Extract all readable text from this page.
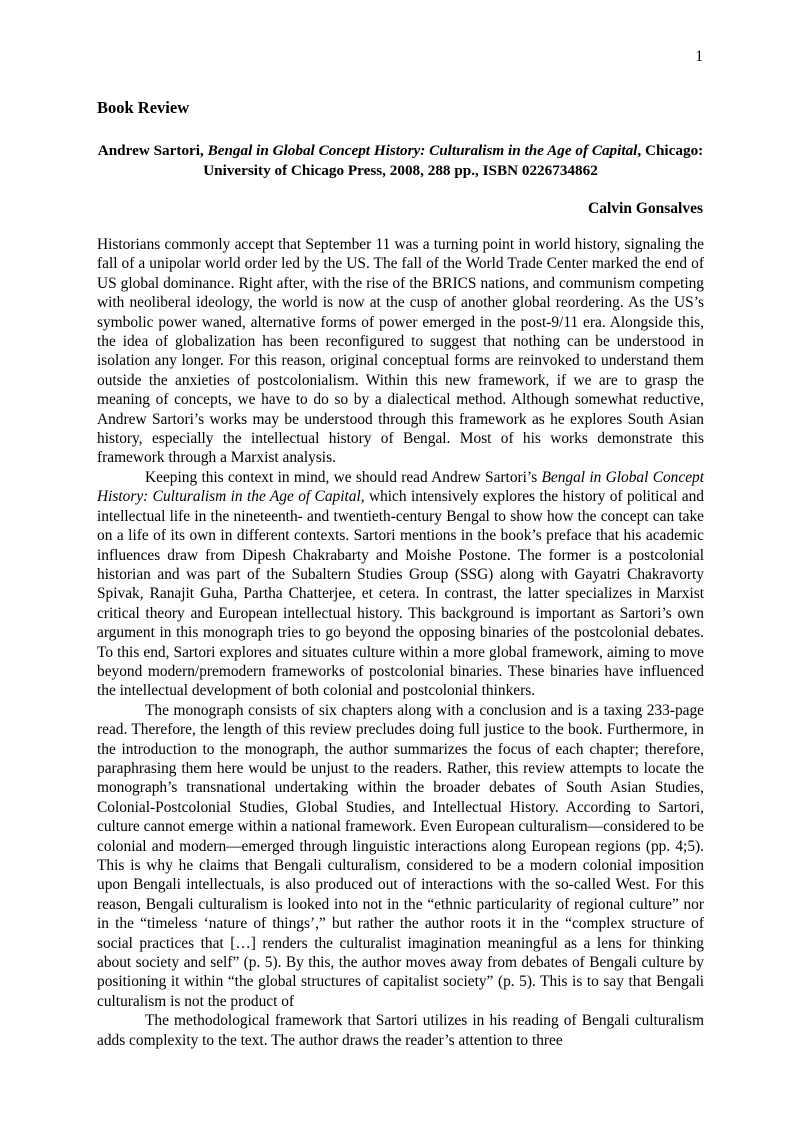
1
Book Review
Andrew Sartori, Bengal in Global Concept History: Culturalism in the Age of Capital, Chicago: University of Chicago Press, 2008, 288 pp., ISBN 0226734862
Calvin Gonsalves

Historians commonly accept that September 11 was a turning point in world history, signaling the fall of a unipolar world order led by the US. The fall of the World Trade Center marked the end of US global dominance. Right after, with the rise of the BRICS nations, and communism competing with neoliberal ideology, the world is now at the cusp of another global reordering. As the US’s symbolic power waned, alternative forms of power emerged in the post-9/11 era. Alongside this, the idea of globalization has been reconfigured to suggest that nothing can be understood in isolation any longer. For this reason, original conceptual forms are reinvoked to understand them outside the anxieties of postcolonialism. Within this new framework, if we are to grasp the meaning of concepts, we have to do so by a dialectical method. Although somewhat reductive, Andrew Sartori’s works may be understood through this framework as he explores South Asian history, especially the intellectual history of Bengal. Most of his works demonstrate this framework through a Marxist analysis.

Keeping this context in mind, we should read Andrew Sartori’s Bengal in Global Concept History: Culturalism in the Age of Capital, which intensively explores the history of political and intellectual life in the nineteenth- and twentieth-century Bengal to show how the concept can take on a life of its own in different contexts. Sartori mentions in the book’s preface that his academic influences draw from Dipesh Chakrabarty and Moishe Postone. The former is a postcolonial historian and was part of the Subaltern Studies Group (SSG) along with Gayatri Chakravorty Spivak, Ranajit Guha, Partha Chatterjee, et cetera. In contrast, the latter specializes in Marxist critical theory and European intellectual history. This background is important as Sartori’s own argument in this monograph tries to go beyond the opposing binaries of the postcolonial debates. To this end, Sartori explores and situates culture within a more global framework, aiming to move beyond modern/premodern frameworks of postcolonial binaries. These binaries have influenced the intellectual development of both colonial and postcolonial thinkers.

The monograph consists of six chapters along with a conclusion and is a taxing 233-page read. Therefore, the length of this review precludes doing full justice to the book. Furthermore, in the introduction to the monograph, the author summarizes the focus of each chapter; therefore, paraphrasing them here would be unjust to the readers. Rather, this review attempts to locate the monograph’s transnational undertaking within the broader debates of South Asian Studies, Colonial-Postcolonial Studies, Global Studies, and Intellectual History. According to Sartori, culture cannot emerge within a national framework. Even European culturalism—considered to be colonial and modern—emerged through linguistic interactions along European regions (pp. 4;5). This is why he claims that Bengali culturalism, considered to be a modern colonial imposition upon Bengali intellectuals, is also produced out of interactions with the so-called West. For this reason, Bengali culturalism is looked into not in the “ethnic particularity of regional culture” nor in the “timeless ‘nature of things’,” but rather the author roots it in the “complex structure of social practices that […] renders the culturalist imagination meaningful as a lens for thinking about society and self” (p. 5). By this, the author moves away from debates of Bengali culture by positioning it within “the global structures of capitalist society” (p. 5). This is to say that Bengali culturalism is not the product of

The methodological framework that Sartori utilizes in his reading of Bengali culturalism adds complexity to the text. The author draws the reader’s attention to three
